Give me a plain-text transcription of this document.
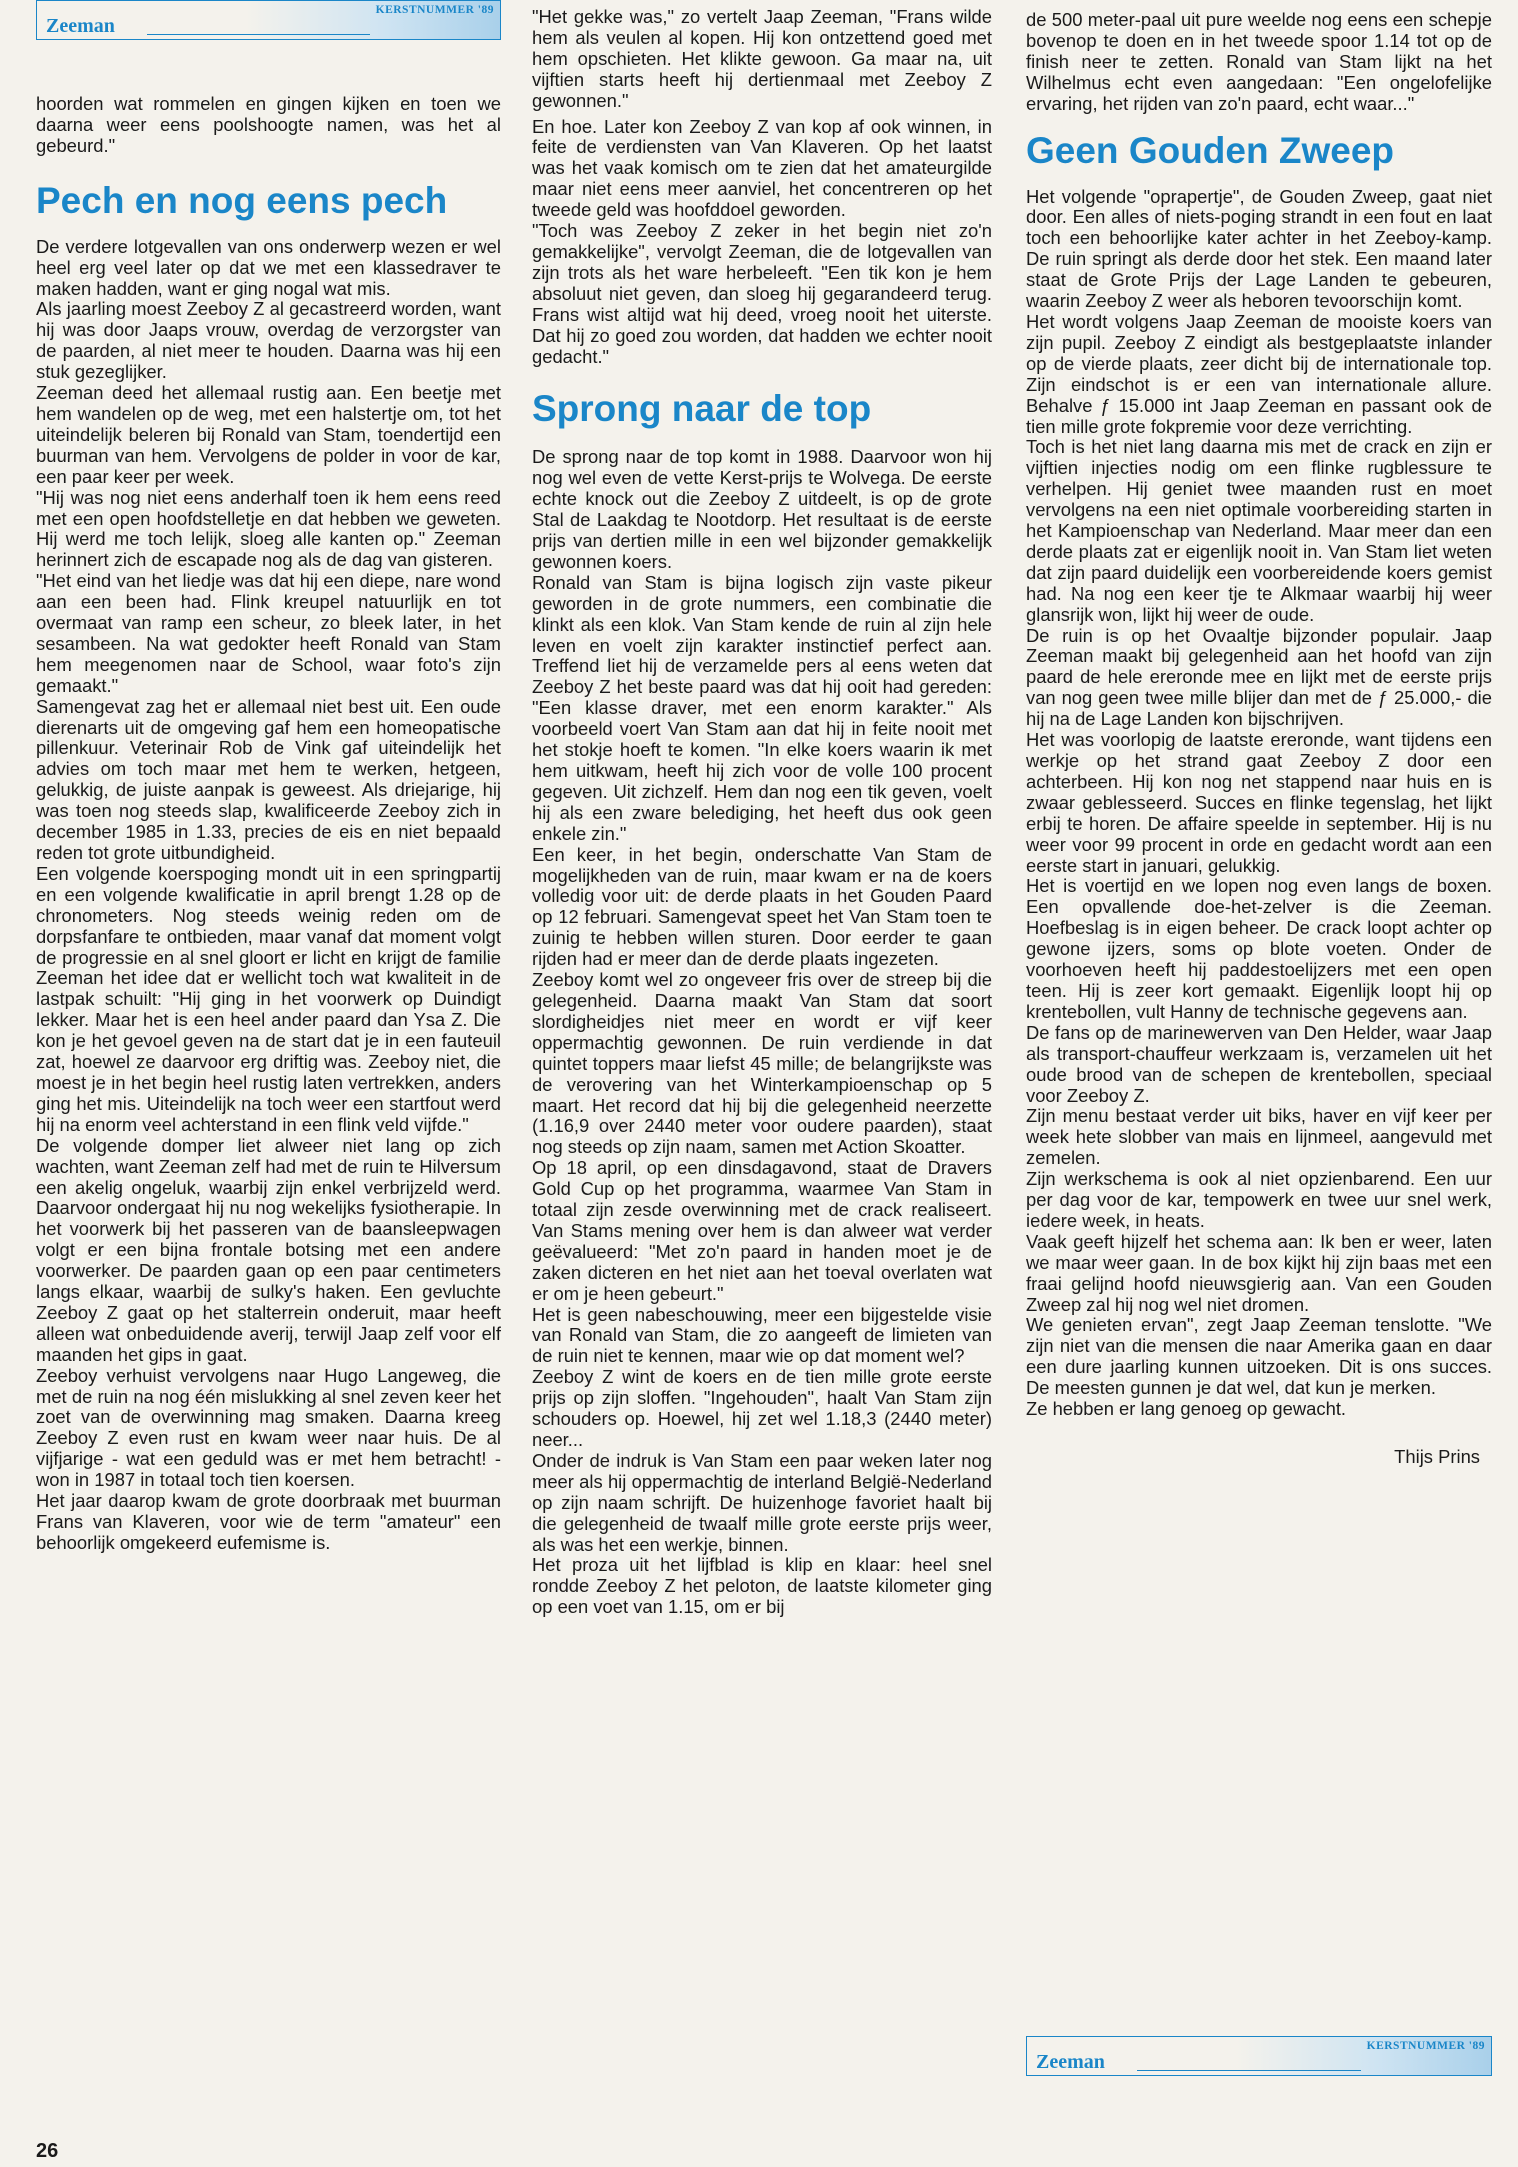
KERSTNUMMER '89
Zeeman

hoorden wat rommelen en gingen kijken en toen we daarna weer eens poolshoogte namen, was het al gebeurd."

Pech en nog eens pech

De verdere lotgevallen van ons onderwerp wezen er wel heel erg veel later op dat we met een klassedraver te maken hadden, want er ging nogal wat mis.

Als jaarling moest Zeeboy Z al gecastreerd worden, want hij was door Jaaps vrouw, overdag de verzorgster van de paarden, al niet meer te houden. Daarna was hij een stuk gezeglijker.

Zeeman deed het allemaal rustig aan. Een beetje met hem wandelen op de weg, met een halstertje om, tot het uiteindelijk beleren bij Ronald van Stam, toendertijd een buurman van hem. Vervolgens de polder in voor de kar, een paar keer per week.

"Hij was nog niet eens anderhalf toen ik hem eens reed met een open hoofdstelletje en dat hebben we geweten. Hij werd me toch lelijk, sloeg alle kanten op." Zeeman herinnert zich de escapade nog als de dag van gisteren.

"Het eind van het liedje was dat hij een diepe, nare wond aan een been had. Flink kreupel natuurlijk en tot overmaat van ramp een scheur, zo bleek later, in het sesambeen. Na wat gedokter heeft Ronald van Stam hem meegenomen naar de School, waar foto's zijn gemaakt."

Samengevat zag het er allemaal niet best uit. Een oude dierenarts uit de omgeving gaf hem een homeopatische pillenkuur. Veterinair Rob de Vink gaf uiteindelijk het advies om toch maar met hem te werken, hetgeen, gelukkig, de juiste aanpak is geweest. Als driejarige, hij was toen nog steeds slap, kwalificeerde Zeeboy zich in december 1985 in 1.33, precies de eis en niet bepaald reden tot grote uitbundigheid.

Een volgende koerspoging mondt uit in een springpartij en een volgende kwalificatie in april brengt 1.28 op de chronometers. Nog steeds weinig reden om de dorpsfanfare te ontbieden, maar vanaf dat moment volgt de progressie en al snel gloort er licht en krijgt de familie Zeeman het idee dat er wellicht toch wat kwaliteit in de lastpak schuilt: "Hij ging in het voorwerk op Duindigt lekker. Maar het is een heel ander paard dan Ysa Z. Die kon je het gevoel geven na de start dat je in een fauteuil zat, hoewel ze daarvoor erg driftig was. Zeeboy niet, die moest je in het begin heel rustig laten vertrekken, anders ging het mis. Uiteindelijk na toch weer een startfout werd hij na enorm veel achterstand in een flink veld vijfde."

De volgende domper liet alweer niet lang op zich wachten, want Zeeman zelf had met de ruin te Hilversum een akelig ongeluk, waarbij zijn enkel verbrijzeld werd. Daarvoor ondergaat hij nu nog wekelijks fysiotherapie. In het voorwerk bij het passeren van de baansleepwagen volgt er een bijna frontale botsing met een andere voorwerker. De paarden gaan op een paar centimeters langs elkaar, waarbij de sulky's haken. Een gevluchte Zeeboy Z gaat op het stalterrein onderuit, maar heeft alleen wat onbeduidende averij, terwijl Jaap zelf voor elf maanden het gips in gaat.

Zeeboy verhuist vervolgens naar Hugo Langeweg, die met de ruin na nog één mislukking al snel zeven keer het zoet van de overwinning mag smaken. Daarna kreeg Zeeboy Z even rust en kwam weer naar huis. De al vijfjarige - wat een geduld was er met hem betracht! - won in 1987 in totaal toch tien koersen.

Het jaar daarop kwam de grote doorbraak met buurman Frans van Klaveren, voor wie de term "amateur" een behoorlijk omgekeerd eufemisme is.

"Het gekke was," zo vertelt Jaap Zeeman, "Frans wilde hem als veulen al kopen. Hij kon ontzettend goed met hem opschieten. Het klikte gewoon. Ga maar na, uit vijftien starts heeft hij dertienmaal met Zeeboy Z gewonnen."

En hoe. Later kon Zeeboy Z van kop af ook winnen, in feite de verdiensten van Van Klaveren. Op het laatst was het vaak komisch om te zien dat het amateurgilde maar niet eens meer aanviel, het concentreren op het tweede geld was hoofddoel geworden.

"Toch was Zeeboy Z zeker in het begin niet zo'n gemakkelijke", vervolgt Zeeman, die de lotgevallen van zijn trots als het ware herbeleeft. "Een tik kon je hem absoluut niet geven, dan sloeg hij gegarandeerd terug. Frans wist altijd wat hij deed, vroeg nooit het uiterste. Dat hij zo goed zou worden, dat hadden we echter nooit gedacht."

Sprong naar de top

De sprong naar de top komt in 1988. Daarvoor won hij nog wel even de vette Kerst-prijs te Wolvega. De eerste echte knock out die Zeeboy Z uitdeelt, is op de grote Stal de Laakdag te Nootdorp. Het resultaat is de eerste prijs van dertien mille in een wel bijzonder gemakkelijk gewonnen koers.

Ronald van Stam is bijna logisch zijn vaste pikeur geworden in de grote nummers, een combinatie die klinkt als een klok. Van Stam kende de ruin al zijn hele leven en voelt zijn karakter instinctief perfect aan. Treffend liet hij de verzamelde pers al eens weten dat Zeeboy Z het beste paard was dat hij ooit had gereden: "Een klasse draver, met een enorm karakter." Als voorbeeld voert Van Stam aan dat hij in feite nooit met het stokje hoeft te komen. "In elke koers waarin ik met hem uitkwam, heeft hij zich voor de volle 100 procent gegeven. Uit zichzelf. Hem dan nog een tik geven, voelt hij als een zware belediging, het heeft dus ook geen enkele zin."

Een keer, in het begin, onderschatte Van Stam de mogelijkheden van de ruin, maar kwam er na de koers volledig voor uit: de derde plaats in het Gouden Paard op 12 februari. Samengevat speet het Van Stam toen te zuinig te hebben willen sturen. Door eerder te gaan rijden had er meer dan de derde plaats ingezeten.

Zeeboy komt wel zo ongeveer fris over de streep bij die gelegenheid. Daarna maakt Van Stam dat soort slordigheidjes niet meer en wordt er vijf keer oppermachtig gewonnen. De ruin verdiende in dat quintet toppers maar liefst 45 mille; de belangrijkste was de verovering van het Winterkampioenschap op 5 maart. Het record dat hij bij die gelegenheid neerzette (1.16,9 over 2440 meter voor oudere paarden), staat nog steeds op zijn naam, samen met Action Skoatter.

Op 18 april, op een dinsdagavond, staat de Dravers Gold Cup op het programma, waarmee Van Stam in totaal zijn zesde overwinning met de crack realiseert. Van Stams mening over hem is dan alweer wat verder geëvalueerd: "Met zo'n paard in handen moet je de zaken dicteren en het niet aan het toeval overlaten wat er om je heen gebeurt."

Het is geen nabeschouwing, meer een bijgestelde visie van Ronald van Stam, die zo aangeeft de limieten van de ruin niet te kennen, maar wie op dat moment wel?

Zeeboy Z wint de koers en de tien mille grote eerste prijs op zijn sloffen. "Ingehouden", haalt Van Stam zijn schouders op. Hoewel, hij zet wel 1.18,3 (2440 meter) neer...

Onder de indruk is Van Stam een paar weken later nog meer als hij oppermachtig de interland België-Nederland op zijn naam schrijft. De huizenhoge favoriet haalt bij die gelegenheid de twaalf mille grote eerste prijs weer, als was het een werkje, binnen.

Het proza uit het lijfblad is klip en klaar: heel snel rondde Zeeboy Z het peloton, de laatste kilometer ging op een voet van 1.15, om er bij

de 500 meter-paal uit pure weelde nog eens een schepje bovenop te doen en in het tweede spoor 1.14 tot op de finish neer te zetten. Ronald van Stam lijkt na het Wilhelmus echt even aangedaan: "Een ongelofelijke ervaring, het rijden van zo'n paard, echt waar..."

Geen Gouden Zweep

Het volgende "oprapertje", de Gouden Zweep, gaat niet door. Een alles of niets-poging strandt in een fout en laat toch een behoorlijke kater achter in het Zeeboy-kamp. De ruin springt als derde door het stek. Een maand later staat de Grote Prijs der Lage Landen te gebeuren, waarin Zeeboy Z weer als heboren tevoorschijn komt.

Het wordt volgens Jaap Zeeman de mooiste koers van zijn pupil. Zeeboy Z eindigt als bestgeplaatste inlander op de vierde plaats, zeer dicht bij de internationale top. Zijn eindschot is er een van internationale allure. Behalve ƒ 15.000 int Jaap Zeeman en passant ook de tien mille grote fokpremie voor deze verrichting.

Toch is het niet lang daarna mis met de crack en zijn er vijftien injecties nodig om een flinke rugblessure te verhelpen. Hij geniet twee maanden rust en moet vervolgens na een niet optimale voorbereiding starten in het Kampioenschap van Nederland. Maar meer dan een derde plaats zat er eigenlijk nooit in. Van Stam liet weten dat zijn paard duidelijk een voorbereidende koers gemist had. Na nog een keer tje te Alkmaar waarbij hij weer glansrijk won, lijkt hij weer de oude.

De ruin is op het Ovaaltje bijzonder populair. Jaap Zeeman maakt bij gelegenheid aan het hoofd van zijn paard de hele ereronde mee en lijkt met de eerste prijs van nog geen twee mille blijer dan met de ƒ 25.000,- die hij na de Lage Landen kon bijschrijven.

Het was voorlopig de laatste ereronde, want tijdens een werkje op het strand gaat Zeeboy Z door een achterbeen. Hij kon nog net stappend naar huis en is zwaar geblesseerd. Succes en flinke tegenslag, het lijkt erbij te horen. De affaire speelde in september. Hij is nu weer voor 99 procent in orde en gedacht wordt aan een eerste start in januari, gelukkig.

Het is voertijd en we lopen nog even langs de boxen. Een opvallende doe-het-zelver is die Zeeman. Hoefbeslag is in eigen beheer. De crack loopt achter op gewone ijzers, soms op blote voeten. Onder de voorhoeven heeft hij paddestoelijzers met een open teen. Hij is zeer kort gemaakt. Eigenlijk loopt hij op krentebollen, vult Hanny de technische gegevens aan.

De fans op de marinewerven van Den Helder, waar Jaap als transport-chauffeur werkzaam is, verzamelen uit het oude brood van de schepen de krentebollen, speciaal voor Zeeboy Z.

Zijn menu bestaat verder uit biks, haver en vijf keer per week hete slobber van mais en lijnmeel, aangevuld met zemelen.

Zijn werkschema is ook al niet opzienbarend. Een uur per dag voor de kar, tempowerk en twee uur snel werk, iedere week, in heats.

Vaak geeft hijzelf het schema aan: Ik ben er weer, laten we maar weer gaan. In de box kijkt hij zijn baas met een fraai gelijnd hoofd nieuwsgierig aan. Van een Gouden Zweep zal hij nog wel niet dromen.

We genieten ervan", zegt Jaap Zeeman tenslotte. "We zijn niet van die mensen die naar Amerika gaan en daar een dure jaarling kunnen uitzoeken. Dit is ons succes. De meesten gunnen je dat wel, dat kun je merken.

Ze hebben er lang genoeg op gewacht.

Thijs Prins
KERSTNUMMER '89
Zeeman
26
